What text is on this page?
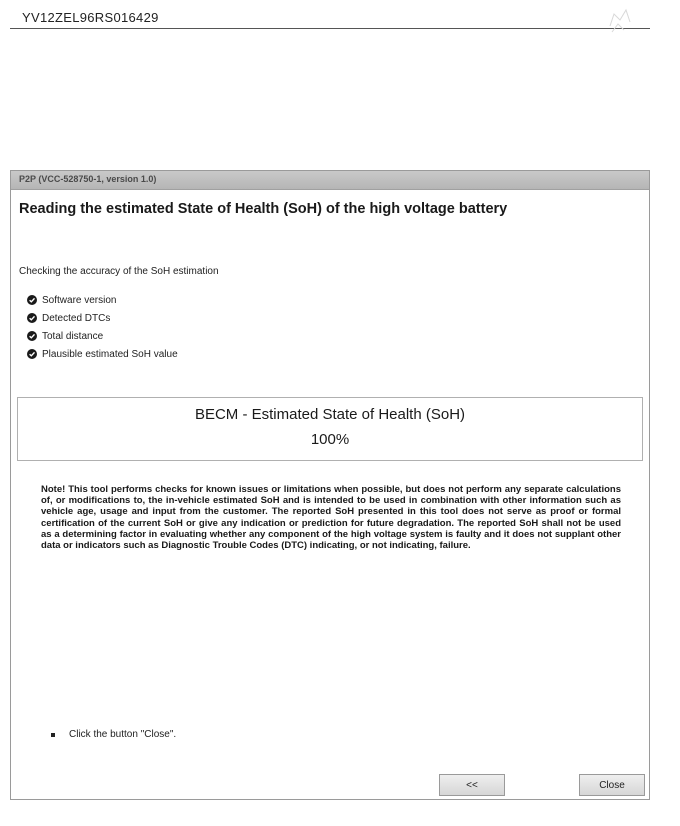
YV12ZEL96RS016429
P2P (VCC-528750-1, version 1.0)
Reading the estimated State of Health (SoH) of the high voltage battery
Checking the accuracy of the SoH estimation
Software version
Detected DTCs
Total distance
Plausible estimated SoH value
BECM - Estimated State of Health (SoH)
100%

Note! This tool performs checks for known issues or limitations when possible, but does not perform any separate calculations of, or modifications to, the in-vehicle estimated SoH and is intended to be used in combination with other information such as vehicle age, usage and input from the customer. The reported SoH presented in this tool does not serve as proof or formal certification of the current SoH or give any indication or prediction for future degradation. The reported SoH shall not be used as a determining factor in evaluating whether any component of the high voltage system is faulty and it does not supplant other data or indicators such as Diagnostic Trouble Codes (DTC) indicating, or not indicating, failure.

Click the button "Close".
<<	Close
